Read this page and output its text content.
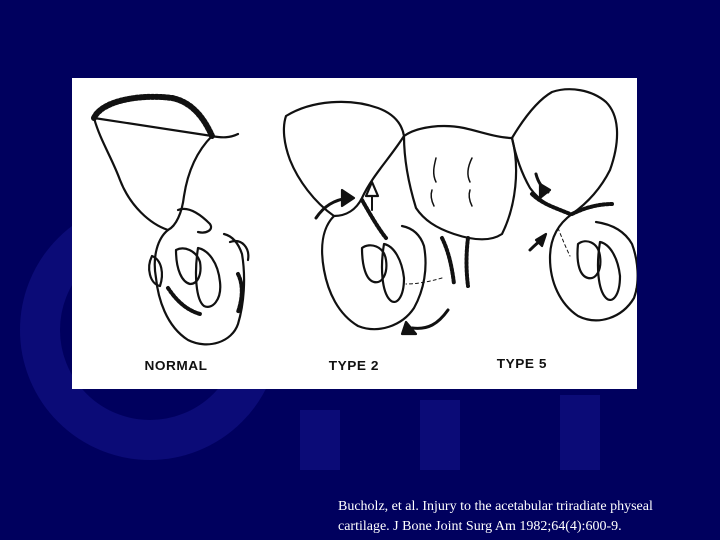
NORMAL	TYPE 2	TYPE 5
Bucholz, et al. Injury to the acetabular triradiate physeal
cartilage. J Bone Joint Surg Am 1982;64(4):600-9.
